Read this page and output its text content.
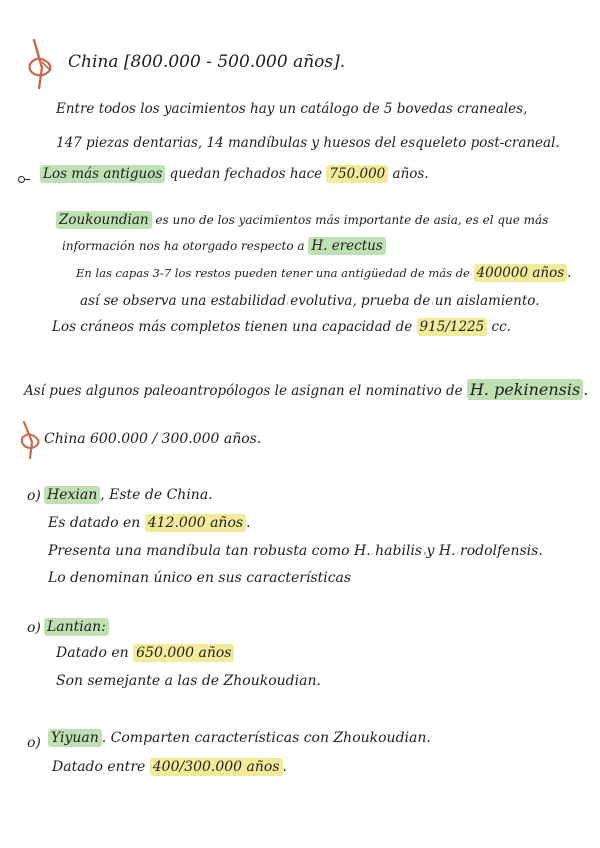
China [800.000 - 500.000 años].
Entre todos los yacimientos hay un catálogo de 5 bovedas craneales,
147 piezas dentarias, 14 mandíbulas y huesos del esqueleto post-craneal.
Los más antiguos quedan fechados hace 750.000 años.
Zoukoundian es uno de los yacimientos más importante de asia, es el que más
información nos ha otorgado respecto a H. erectus
En las capas 3-7 los restos pueden tener una antigüedad de más de 400000 años .
así se observa una estabilidad evolutiva, prueba de un aislamiento.
Los cráneos más completos tienen una capacidad de 915/1225 cc.
Así pues algunos paleoantropólogos le asignan el nominativo de H. pekinensis .
China 600.000 / 300.000 años.
o) Hexian , Este de China.
Es datado en 412.000 años .
Presenta una mandíbula tan robusta como H. habilis y H. rodolfensis.
Lo denominan único en sus características
o) Lantian:
Datado en 650.000 años
Son semejante a las de Zhoukoudian.
o) Yiyuan . Comparten características con Zhoukoudian.
Datado entre 400/300.000 años .
